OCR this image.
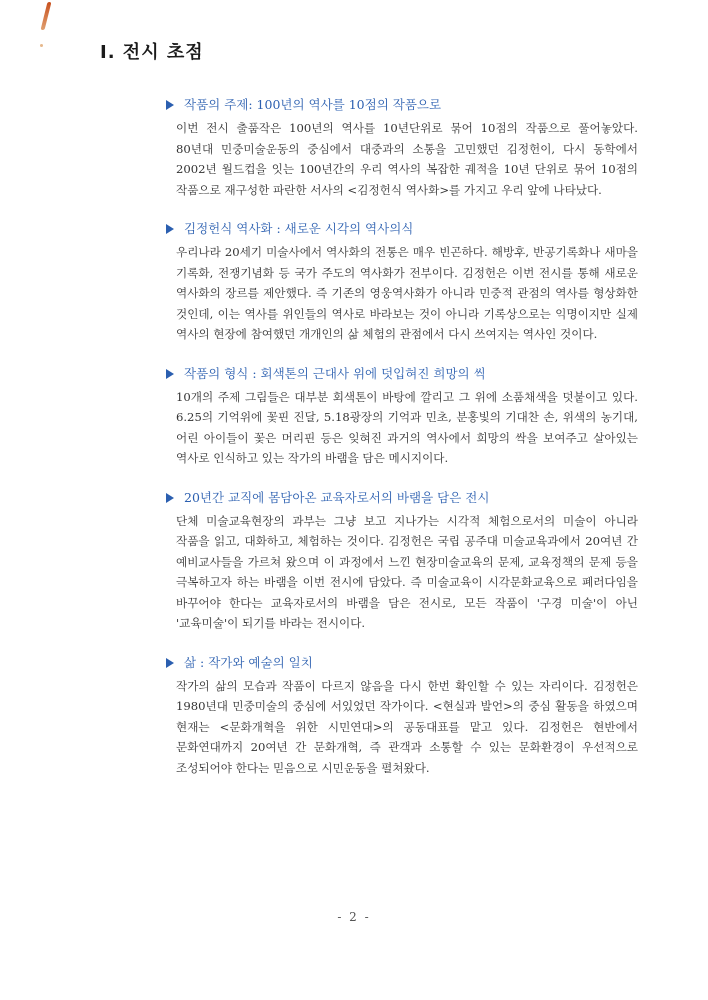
Ⅰ. 전시 초점
작품의 주제: 100년의 역사를 10점의 작품으로

이번 전시 출품작은 100년의 역사를 10년단위로 묶어 10점의 작품으로 풀어놓았다. 80년대 민중미술운동의 중심에서 대중과의 소통을 고민했던 김정헌이, 다시 동학에서 2002년 월드컵을 잇는 100년간의 우리 역사의 복잡한 궤적을 10년 단위로 묶어 10점의 작품으로 재구성한 파란한 서사의 <김정헌식 역사화>를 가지고 우리 앞에 나타났다.

김정헌식 역사화 : 새로운 시각의 역사의식

우리나라 20세기 미술사에서 역사화의 전통은 매우 빈곤하다. 해방후, 반공기록화나 새마을 기록화, 전쟁기념화 등 국가 주도의 역사화가 전부이다. 김정헌은 이번 전시를 통해 새로운 역사화의 장르를 제안했다. 즉 기존의 영웅역사화가 아니라 민중적 관점의 역사를 형상화한 것인데, 이는 역사를 위인들의 역사로 바라보는 것이 아니라 기록상으로는 익명이지만 실제 역사의 현장에 참여했던 개개인의 삶 체험의 관점에서 다시 쓰여지는 역사인 것이다.

작품의 형식 : 회색톤의 근대사 위에 덧입혀진 희망의 씩

10개의 주제 그림들은 대부분 회색톤이 바탕에 깔리고 그 위에 소품채색을 덧붙이고 있다. 6.25의 기억위에 꽃핀 진달, 5.18광장의 기억과 민초, 분홍빛의 기대찬 손, 위색의 농기대, 어린 아이들이 꽃은 머리핀 등은 잊혀진 과거의 역사에서 희망의 싹을 보여주고 살아있는 역사로 인식하고 있는 작가의 바램을 담은 메시지이다.

20년간 교직에 몸담아온 교육자로서의 바램을 담은 전시

단체 미술교육현장의 과부는 그냥 보고 지나가는 시각적 체험으로서의 미술이 아니라 작품을 읽고, 대화하고, 체험하는 것이다. 김정헌은 국립 공주대 미술교육과에서 20여년 간 예비교사들을 가르쳐 왔으며 이 과정에서 느낀 현장미술교육의 문제, 교육정책의 문제 등을 극복하고자 하는 바램을 이번 전시에 담았다. 즉 미술교육이 시각문화교육으로 폐러다임을 바꾸어야 한다는 교육자로서의 바램을 담은 전시로, 모든 작품이 '구경 미술'이 아닌 '교육미술'이 되기를 바라는 전시이다.

삶 : 작가와 예술의 일치

작가의 삶의 모습과 작품이 다르지 않음을 다시 한번 확인할 수 있는 자리이다. 김정헌은 1980년대 민중미술의 중심에 서있었던 작가이다. <현실과 발언>의 중심 활동을 하였으며 현재는 <문화개혁을 위한 시민연대>의 공동대표를 맡고 있다. 김정헌은 현반에서 문화연대까지 20여년 간 문화개혁, 즉 관객과 소통할 수 있는 문화환경이 우선적으로 조성되어야 한다는 믿음으로 시민운동을 펼쳐왔다.

- 2 -
